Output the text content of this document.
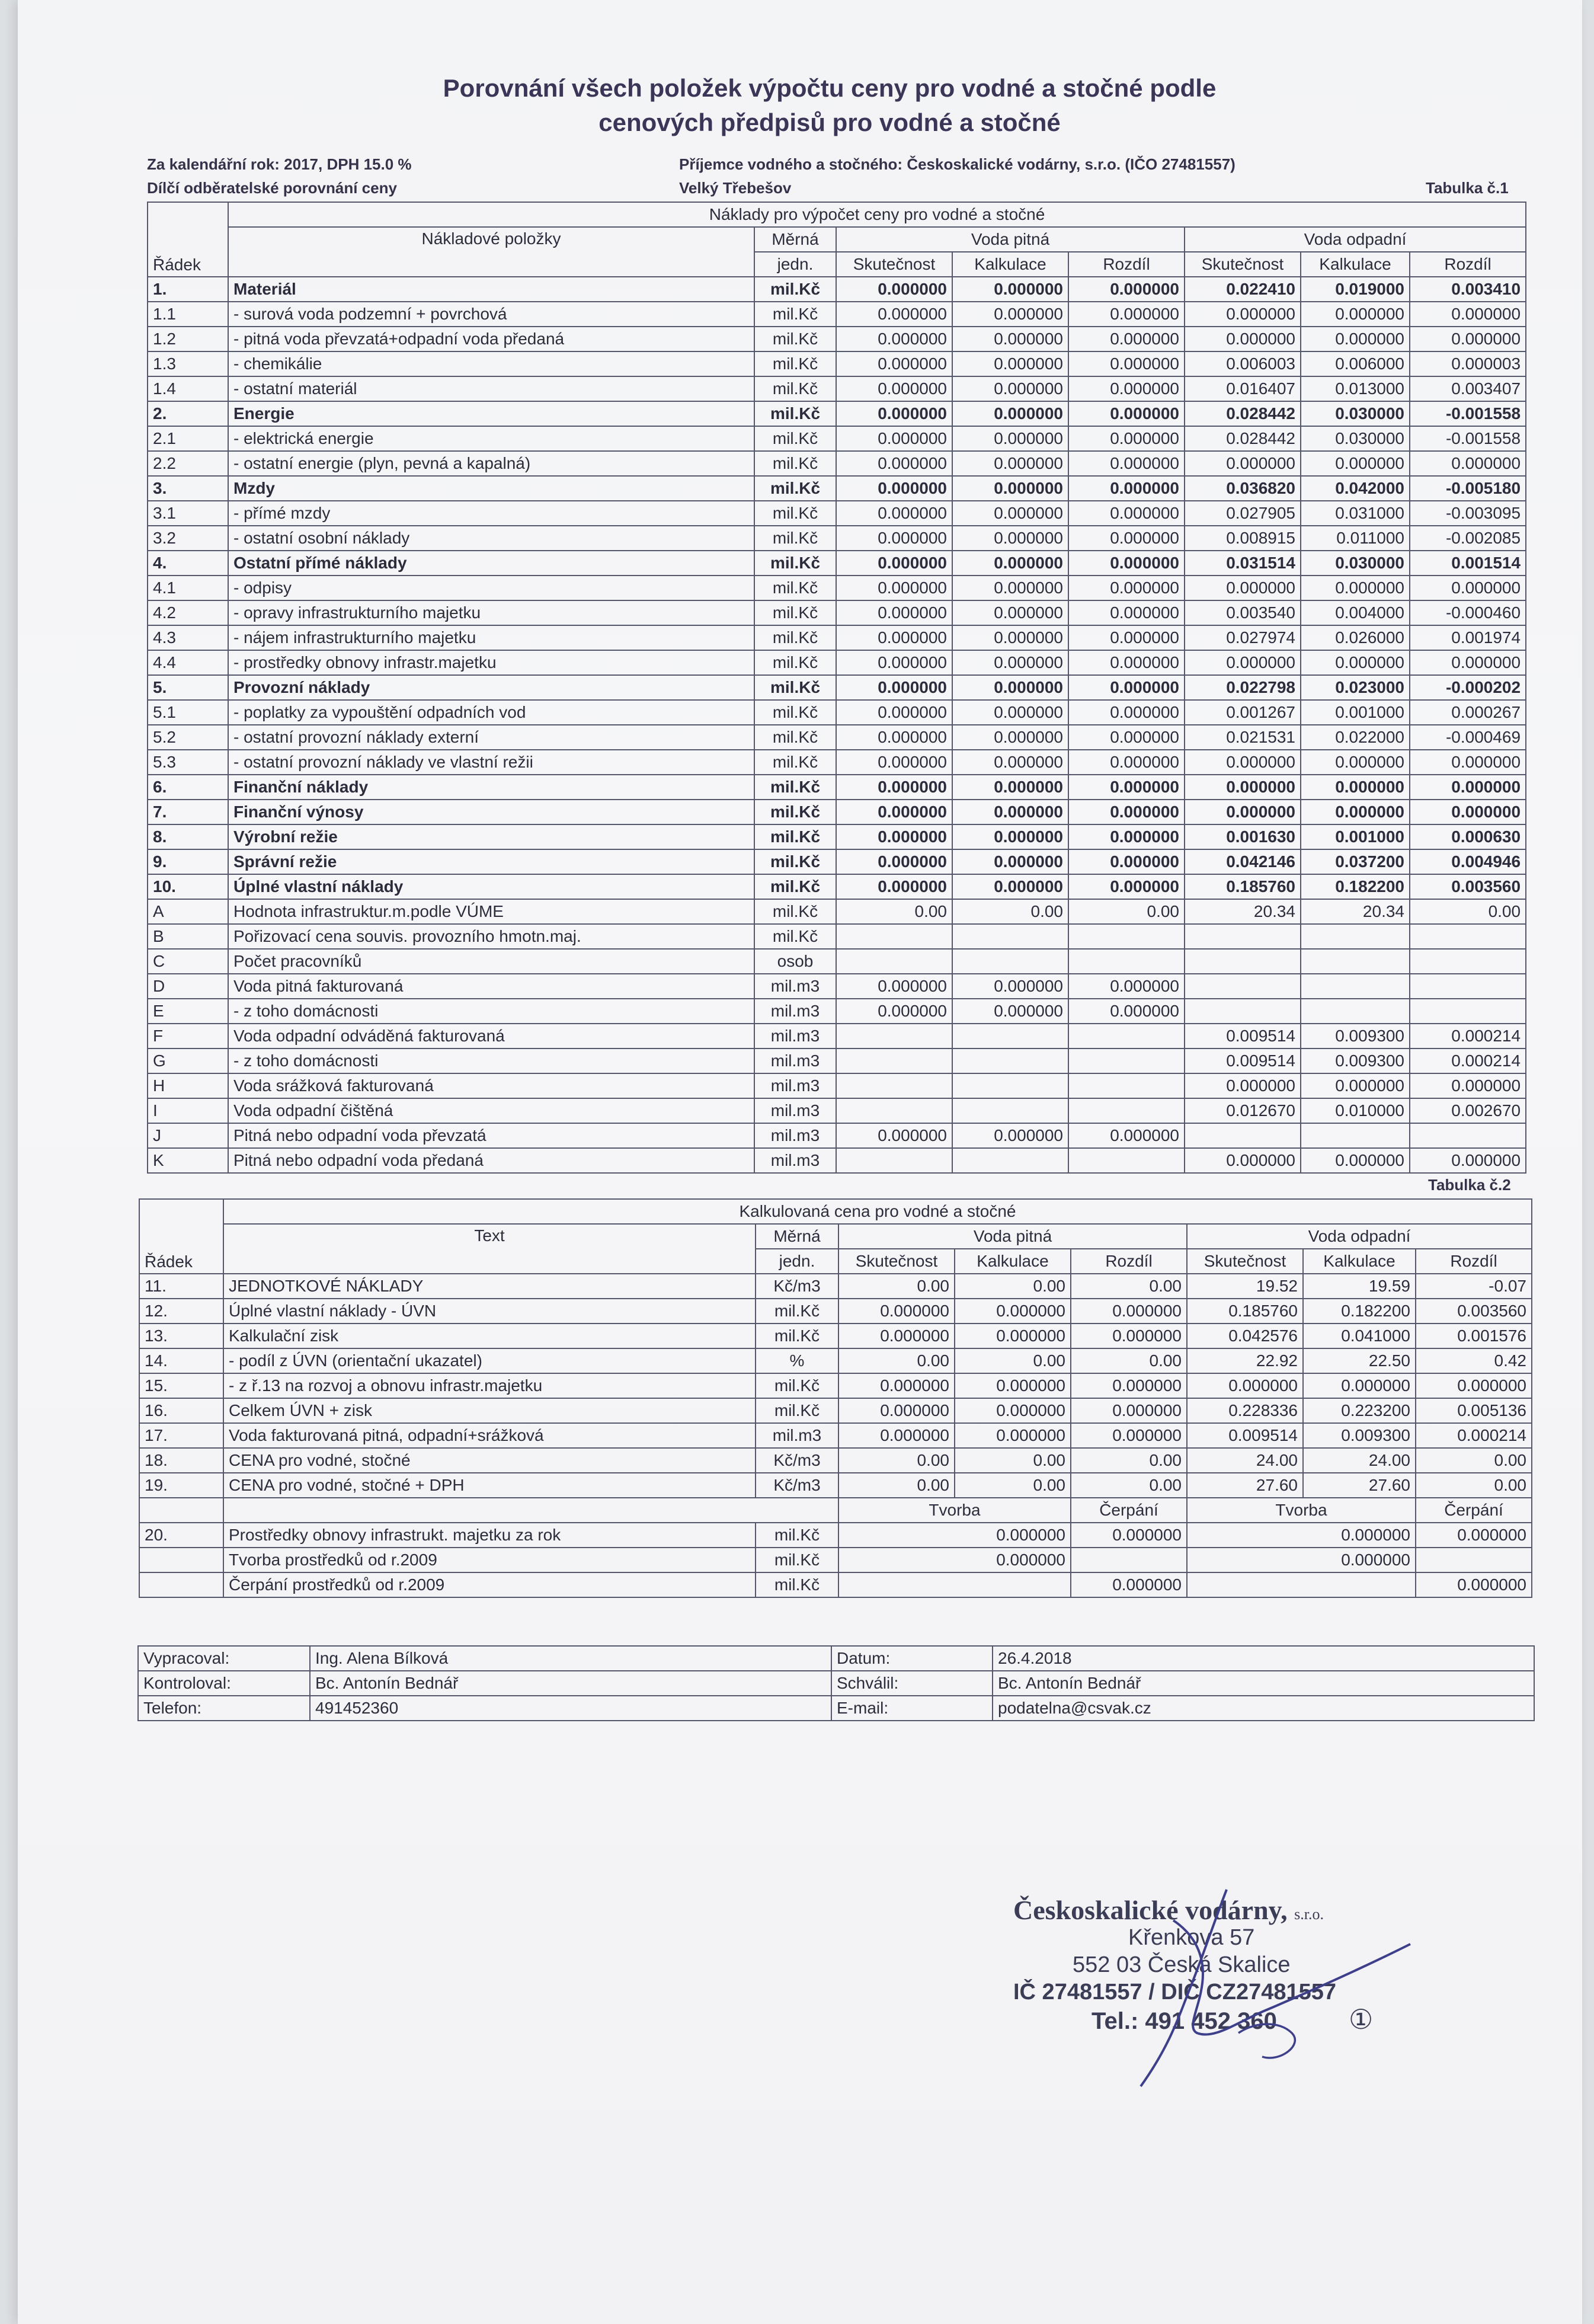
Porovnání všech položek výpočtu ceny pro vodné a stočné podle
cenových předpisů pro vodné a stočné
Za kalendářní rok: 2017, DPH 15.0 %
Dílčí odběratelské porovnání ceny
Příjemce vodného a stočného: Českoskalické vodárny, s.r.o. (IČO 27481557)
Velký Třebešov	Tabulka č.1
Řádek	Náklady pro výpočet ceny pro vodné a stočné							
	Nákladové položky	Měrná	Voda pitná			Voda odpadní		
		jedn.	Skutečnost	Kalkulace	Rozdíl	Skutečnost	Kalkulace	Rozdíl
1.	Materiál	mil.Kč	0.000000	0.000000	0.000000	0.022410	0.019000	0.003410
1.1	- surová voda podzemní + povrchová	mil.Kč	0.000000	0.000000	0.000000	0.000000	0.000000	0.000000
1.2	- pitná voda převzatá+odpadní voda předaná	mil.Kč	0.000000	0.000000	0.000000	0.000000	0.000000	0.000000
1.3	- chemikálie	mil.Kč	0.000000	0.000000	0.000000	0.006003	0.006000	0.000003
1.4	- ostatní materiál	mil.Kč	0.000000	0.000000	0.000000	0.016407	0.013000	0.003407
2.	Energie	mil.Kč	0.000000	0.000000	0.000000	0.028442	0.030000	-0.001558
2.1	- elektrická energie	mil.Kč	0.000000	0.000000	0.000000	0.028442	0.030000	-0.001558
2.2	- ostatní energie (plyn, pevná a kapalná)	mil.Kč	0.000000	0.000000	0.000000	0.000000	0.000000	0.000000
3.	Mzdy	mil.Kč	0.000000	0.000000	0.000000	0.036820	0.042000	-0.005180
3.1	- přímé mzdy	mil.Kč	0.000000	0.000000	0.000000	0.027905	0.031000	-0.003095
3.2	- ostatní osobní náklady	mil.Kč	0.000000	0.000000	0.000000	0.008915	0.011000	-0.002085
4.	Ostatní přímé náklady	mil.Kč	0.000000	0.000000	0.000000	0.031514	0.030000	0.001514
4.1	- odpisy	mil.Kč	0.000000	0.000000	0.000000	0.000000	0.000000	0.000000
4.2	- opravy infrastrukturního majetku	mil.Kč	0.000000	0.000000	0.000000	0.003540	0.004000	-0.000460
4.3	- nájem infrastrukturního majetku	mil.Kč	0.000000	0.000000	0.000000	0.027974	0.026000	0.001974
4.4	- prostředky obnovy infrastr.majetku	mil.Kč	0.000000	0.000000	0.000000	0.000000	0.000000	0.000000
5.	Provozní náklady	mil.Kč	0.000000	0.000000	0.000000	0.022798	0.023000	-0.000202
5.1	- poplatky za vypouštění odpadních vod	mil.Kč	0.000000	0.000000	0.000000	0.001267	0.001000	0.000267
5.2	- ostatní provozní náklady externí	mil.Kč	0.000000	0.000000	0.000000	0.021531	0.022000	-0.000469
5.3	- ostatní provozní náklady ve vlastní režii	mil.Kč	0.000000	0.000000	0.000000	0.000000	0.000000	0.000000
6.	Finanční náklady	mil.Kč	0.000000	0.000000	0.000000	0.000000	0.000000	0.000000
7.	Finanční výnosy	mil.Kč	0.000000	0.000000	0.000000	0.000000	0.000000	0.000000
8.	Výrobní režie	mil.Kč	0.000000	0.000000	0.000000	0.001630	0.001000	0.000630
9.	Správní režie	mil.Kč	0.000000	0.000000	0.000000	0.042146	0.037200	0.004946
10.	Úplné vlastní náklady	mil.Kč	0.000000	0.000000	0.000000	0.185760	0.182200	0.003560
A	Hodnota infrastruktur.m.podle VÚME	mil.Kč	0.00	0.00	0.00	20.34	20.34	0.00
B	Pořizovací cena souvis. provozního hmotn.maj.	mil.Kč						
C	Počet pracovníků	osob						
D	Voda pitná fakturovaná	mil.m3	0.000000	0.000000	0.000000			
E	- z toho domácnosti	mil.m3	0.000000	0.000000	0.000000			
F	Voda odpadní odváděná fakturovaná	mil.m3				0.009514	0.009300	0.000214
G	- z toho domácnosti	mil.m3				0.009514	0.009300	0.000214
H	Voda srážková fakturovaná	mil.m3				0.000000	0.000000	0.000000
I	Voda odpadní čištěná	mil.m3				0.012670	0.010000	0.002670
J	Pitná nebo odpadní voda převzatá	mil.m3	0.000000	0.000000	0.000000			
K	Pitná nebo odpadní voda předaná	mil.m3				0.000000	0.000000	0.000000
Tabulka č.2
Řádek	Kalkulovaná cena pro vodné a stočné							
	Text	Měrná	Voda pitná			Voda odpadní		
		jedn.	Skutečnost	Kalkulace	Rozdíl	Skutečnost	Kalkulace	Rozdíl
11.	JEDNOTKOVÉ NÁKLADY	Kč/m3	0.00	0.00	0.00	19.52	19.59	-0.07
12.	Úplné vlastní náklady - ÚVN	mil.Kč	0.000000	0.000000	0.000000	0.185760	0.182200	0.003560
13.	Kalkulační zisk	mil.Kč	0.000000	0.000000	0.000000	0.042576	0.041000	0.001576
14.	- podíl z ÚVN (orientační ukazatel)	%	0.00	0.00	0.00	22.92	22.50	0.42
15.	- z ř.13 na rozvoj a obnovu infrastr.majetku	mil.Kč	0.000000	0.000000	0.000000	0.000000	0.000000	0.000000
16.	Celkem ÚVN + zisk	mil.Kč	0.000000	0.000000	0.000000	0.228336	0.223200	0.005136
17.	Voda fakturovaná pitná, odpadní+srážková	mil.m3	0.000000	0.000000	0.000000	0.009514	0.009300	0.000214
18.	CENA pro vodné, stočné	Kč/m3	0.00	0.00	0.00	24.00	24.00	0.00
19.	CENA pro vodné, stočné + DPH	Kč/m3	0.00	0.00	0.00	27.60	27.60	0.00
			Tvorba		Čerpání	Tvorba		Čerpání
20.	Prostředky obnovy infrastrukt. majetku za rok	mil.Kč	0.000000		0.000000	0.000000		0.000000
	Tvorba prostředků od r.2009	mil.Kč	0.000000			0.000000		
	Čerpání prostředků od r.2009	mil.Kč			0.000000			0.000000
Vypracoval:	Ing. Alena Bílková	Datum:	26.4.2018
Kontroloval:	Bc. Antonín Bednář	Schválil:	Bc. Antonín Bednář
Telefon:	491452360	E-mail:	podatelna@csvak.cz
Českoskalické vodárny, s.r.o.
Křenkova 57
552 03 Česká Skalice
IČ 27481557 / DIČ CZ27481557
Tel.: 491 452 360	①
